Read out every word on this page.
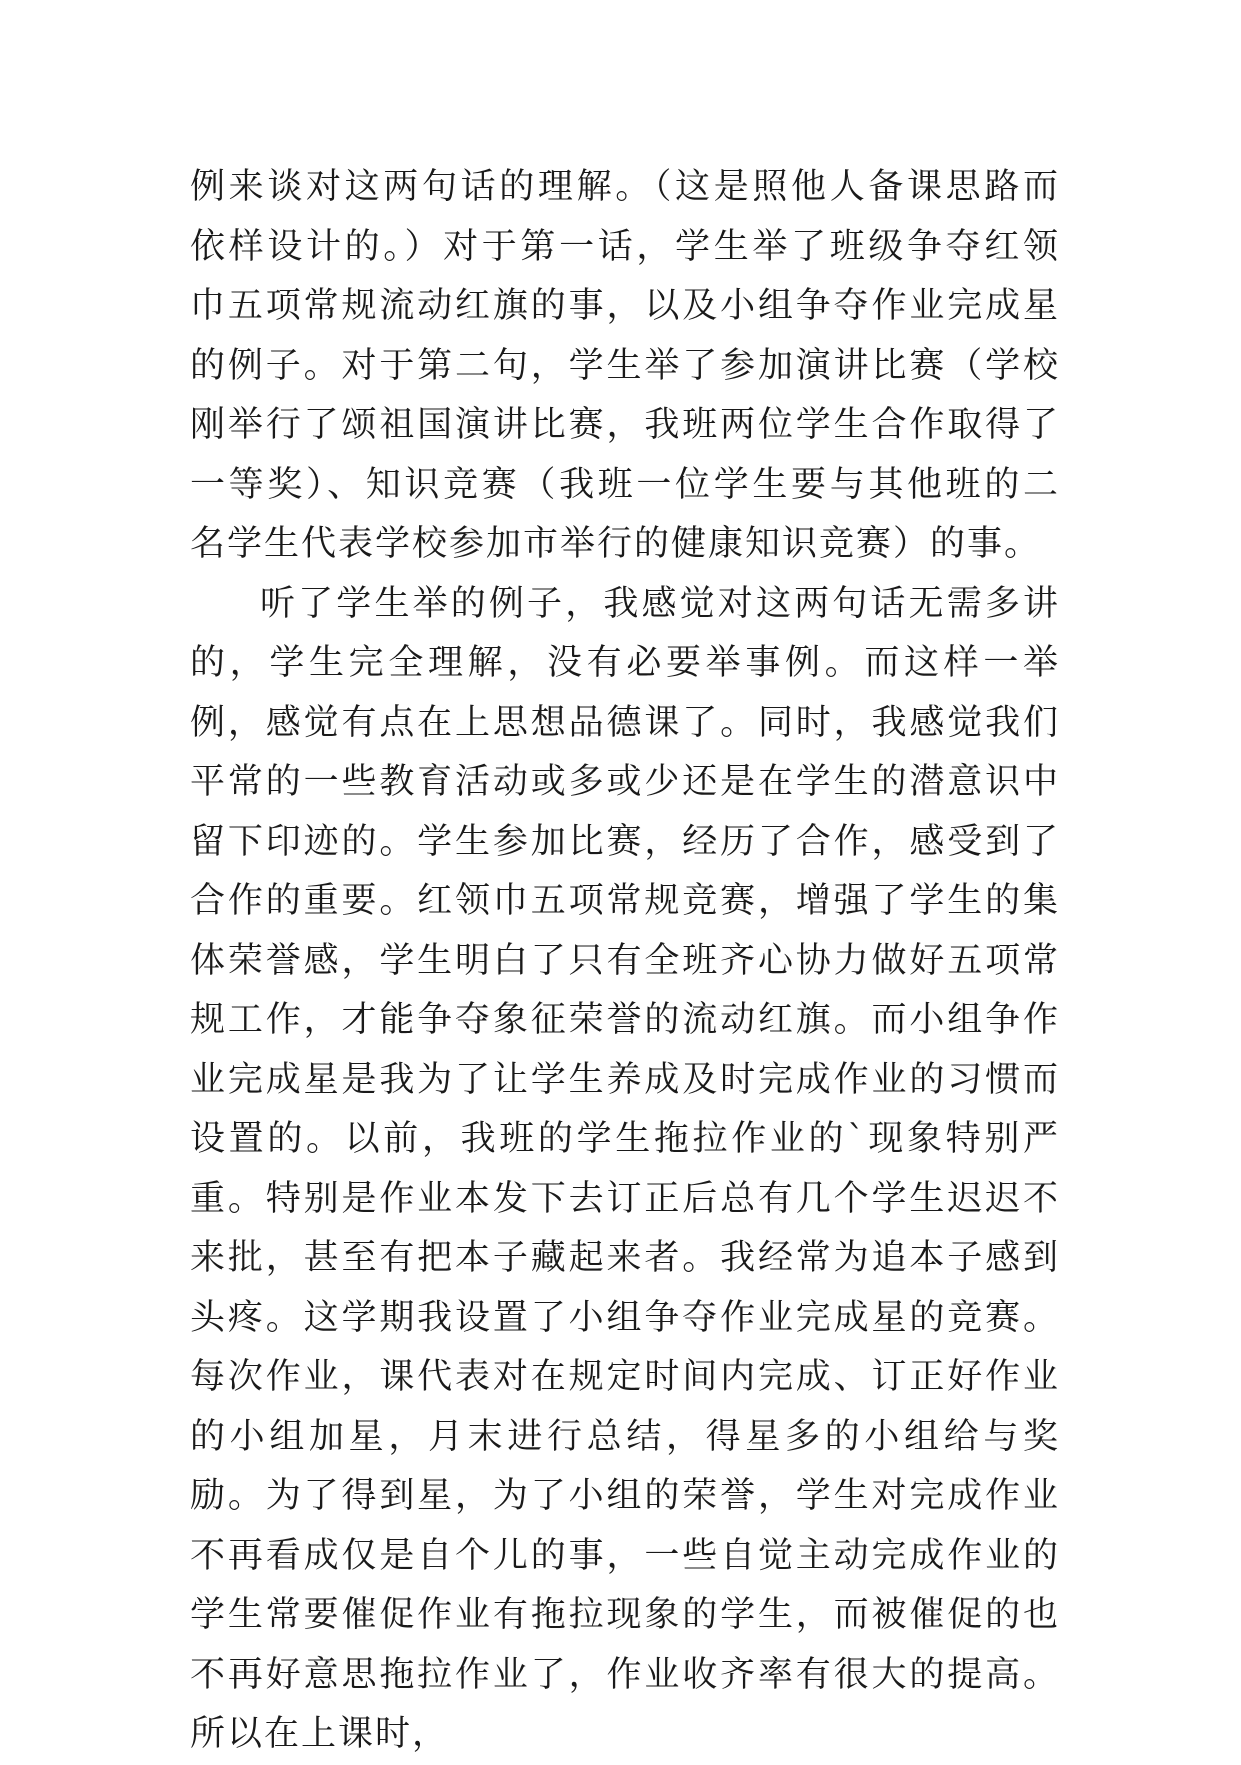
例来谈对这两句话的理解。（这是照他人备课思路而依样设计的。）对于第一话，学生举了班级争夺红领巾五项常规流动红旗的事，以及小组争夺作业完成星的例子。对于第二句，学生举了参加演讲比赛（学校刚举行了颂祖国演讲比赛，我班两位学生合作取得了一等奖）、知识竞赛（我班一位学生要与其他班的二名学生代表学校参加市举行的健康知识竞赛）的事。

听了学生举的例子，我感觉对这两句话无需多讲的，学生完全理解，没有必要举事例。而这样一举例，感觉有点在上思想品德课了。同时，我感觉我们平常的一些教育活动或多或少还是在学生的潜意识中留下印迹的。学生参加比赛，经历了合作，感受到了合作的重要。红领巾五项常规竞赛，增强了学生的集体荣誉感，学生明白了只有全班齐心协力做好五项常规工作，才能争夺象征荣誉的流动红旗。而小组争作业完成星是我为了让学生养成及时完成作业的习惯而设置的。以前，我班的学生拖拉作业的`现象特别严重。特别是作业本发下去订正后总有几个学生迟迟不来批，甚至有把本子藏起来者。我经常为追本子感到头疼。这学期我设置了小组争夺作业完成星的竞赛。每次作业，课代表对在规定时间内完成、订正好作业的小组加星，月末进行总结，得星多的小组给与奖励。为了得到星，为了小组的荣誉，学生对完成作业不再看成仅是自个儿的事，一些自觉主动完成作业的学生常要催促作业有拖拉现象的学生，而被催促的也不再好意思拖拉作业了，作业收齐率有很大的提高。所以在上课时，
